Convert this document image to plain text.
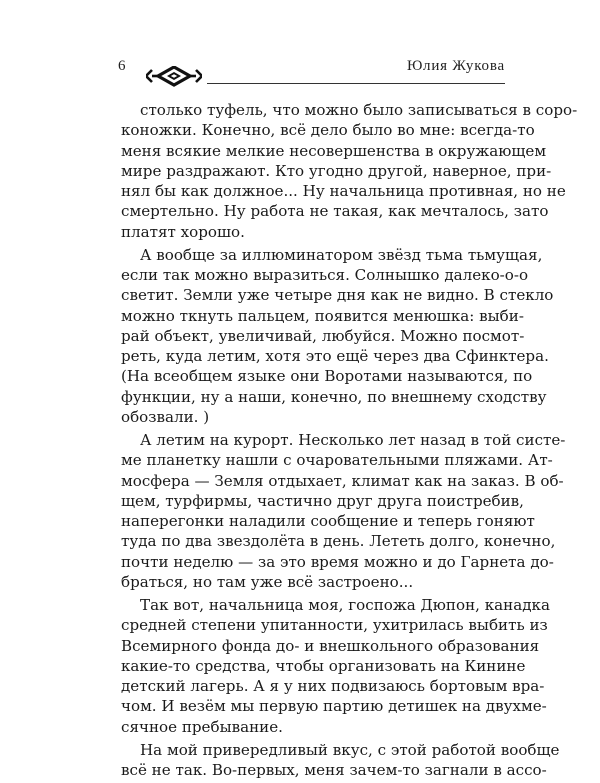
6	Юлия Жукова
столько туфель, что можно было записываться в соро-
коножки. Конечно, всё дело было во мне: всегда-то
меня всякие мелкие несовершенства в окружающем
мире раздражают. Кто угодно другой, наверное, при-
нял бы как должное... Ну начальница противная, но не
смертельно. Ну работа не такая, как мечталось, зато
платят хорошо.
А вообще за иллюминатором звёзд тьма тьмущая,
если так можно выразиться. Солнышко далеко-о-о
светит. Земли уже четыре дня как не видно. В стекло
можно ткнуть пальцем, появится менюшка: выби-
рай объект, увеличивай, любуйся. Можно посмот-
реть, куда летим, хотя это ещё через два Сфинктера.
(На всеобщем языке они Воротами называются, по
функции, ну а наши, конечно, по внешнему сходству
обозвали. )
А летим на курорт. Несколько лет назад в той систе-
ме планетку нашли с очаровательными пляжами. Ат-
мосфера — Земля отдыхает, климат как на заказ. В об-
щем, турфирмы, частично друг друга поистребив,
наперегонки наладили сообщение и теперь гоняют
туда по два звездолёта в день. Лететь долго, конечно,
почти неделю — за это время можно и до Гарнета до-
браться, но там уже всё застроено...
Так вот, начальница моя, госпожа Дюпон, канадка
средней степени упитанности, ухитрилась выбить из
Всемирного фонда до- и внешкольного образования
какие-то средства, чтобы организовать на Кинине
детский лагерь. А я у них подвизаюсь бортовым вра-
чом. И везём мы первую партию детишек на двухме-
сячное пребывание.
На мой привередливый вкус, с этой работой вообще
всё не так. Во-первых, меня зачем-то загнали в ассо-
